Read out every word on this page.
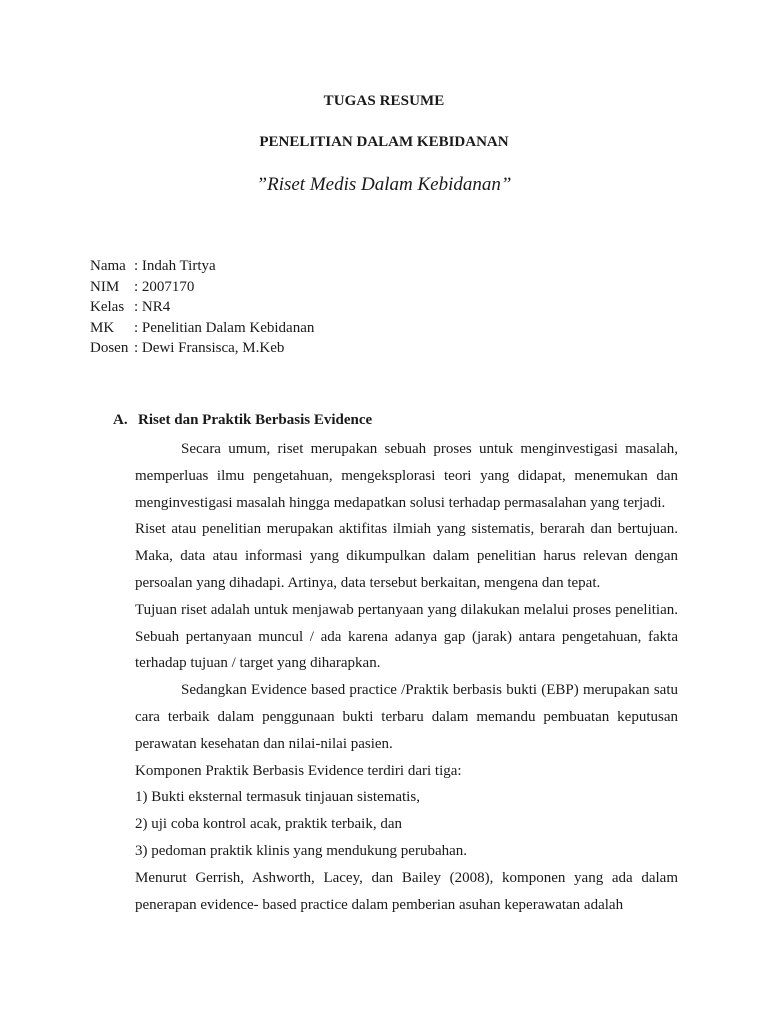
TUGAS RESUME
PENELITIAN DALAM KEBIDANAN
”Riset Medis Dalam Kebidanan”
Nama : Indah Tirtya
NIM : 2007170
Kelas : NR4
MK	: Penelitian Dalam Kebidanan
Dosen : Dewi Fransisca, M.Keb
A. Riset dan Praktik Berbasis Evidence

Secara umum, riset merupakan sebuah proses untuk menginvestigasi masalah, memperluas ilmu pengetahuan, mengeksplorasi teori yang didapat, menemukan dan menginvestigasi masalah hingga medapatkan solusi terhadap permasalahan yang terjadi.

Riset atau penelitian merupakan aktifitas ilmiah yang sistematis, berarah dan bertujuan. Maka, data atau informasi yang dikumpulkan dalam penelitian harus relevan dengan persoalan yang dihadapi. Artinya, data tersebut berkaitan, mengena dan tepat.

Tujuan riset adalah untuk menjawab pertanyaan yang dilakukan melalui proses penelitian. Sebuah pertanyaan muncul / ada karena adanya gap (jarak) antara pengetahuan, fakta terhadap tujuan / target yang diharapkan.

Sedangkan Evidence based practice /Praktik berbasis bukti (EBP) merupakan satu cara terbaik dalam penggunaan bukti terbaru dalam memandu pembuatan keputusan perawatan kesehatan dan nilai-nilai pasien.

Komponen Praktik Berbasis Evidence terdiri dari tiga:

1) Bukti eksternal termasuk tinjauan sistematis,

2) uji coba kontrol acak, praktik terbaik, dan

3) pedoman praktik klinis yang mendukung perubahan.

Menurut Gerrish, Ashworth, Lacey, dan Bailey (2008), komponen yang ada dalam penerapan evidence- based practice dalam pemberian asuhan keperawatan adalah
